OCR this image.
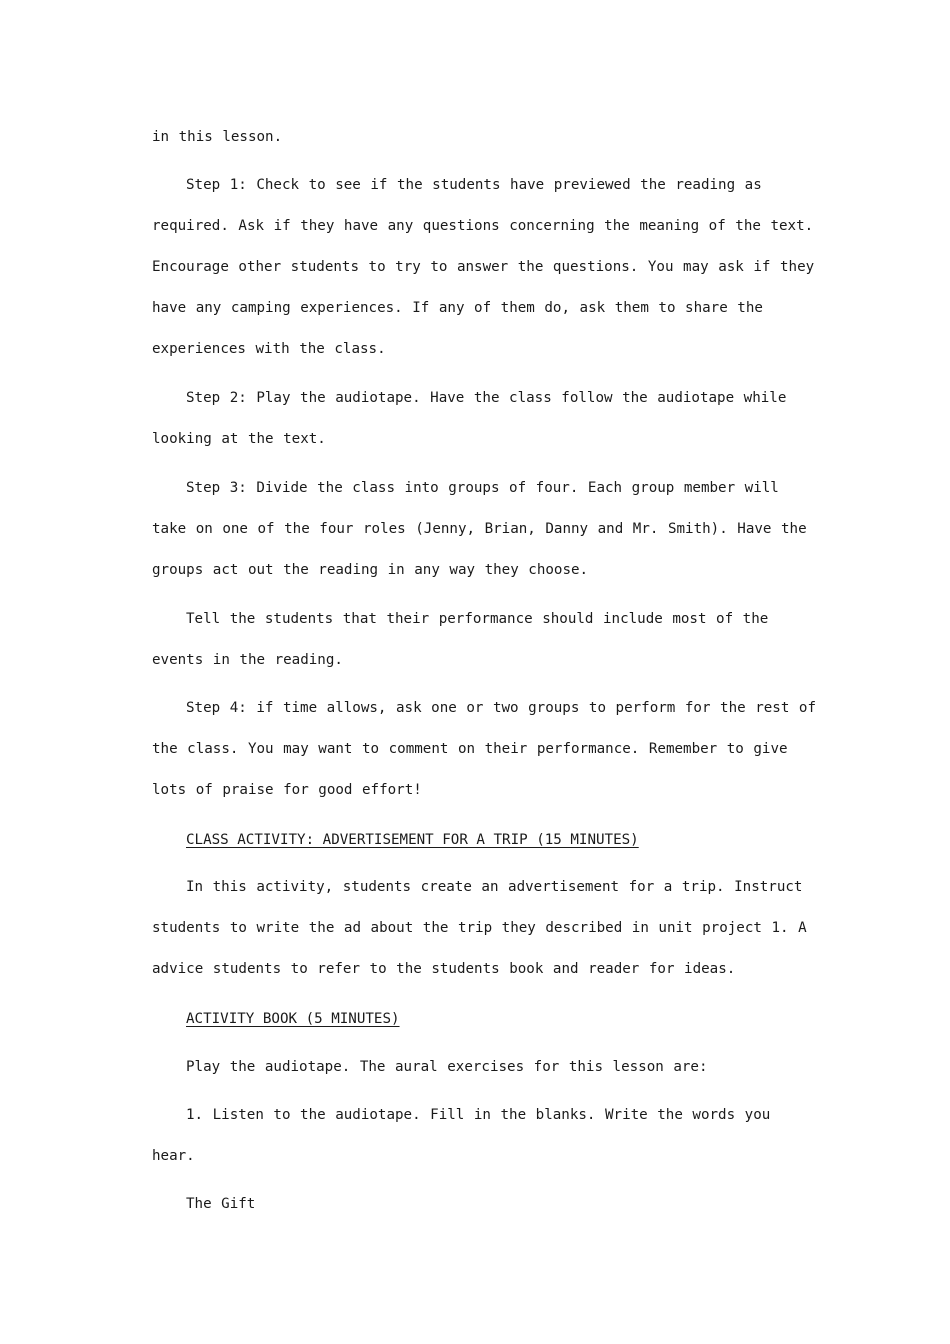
in this lesson.

Step 1: Check to see if the students have previewed the reading as
required. Ask if they have any questions concerning the meaning of the text.
Encourage other students to try to answer the questions. You may ask if they
have any camping experiences. If any of them do, ask them to share the
experiences with the class.

Step 2: Play the audiotape. Have the class follow the audiotape while
looking at the text.

Step 3: Divide the class into groups of four. Each group member will
take on one of the four roles (Jenny, Brian, Danny and Mr. Smith). Have the
groups act out the reading in any way they choose.

Tell the students that their performance should include most of the
events in the reading.

Step 4: if time allows, ask one or two groups to perform for the rest of
the class. You may want to comment on their performance. Remember to give
lots of praise for good effort!

CLASS ACTIVITY: ADVERTISEMENT FOR A TRIP (15 MINUTES)

In this activity, students create an advertisement for a trip. Instruct
students to write the ad about the trip they described in unit project 1. A
advice students to refer to the students book and reader for ideas.

ACTIVITY BOOK (5 MINUTES)

Play the audiotape. The aural exercises for this lesson are:

1. Listen to the audiotape. Fill in the blanks. Write the words you
hear.

The Gift
